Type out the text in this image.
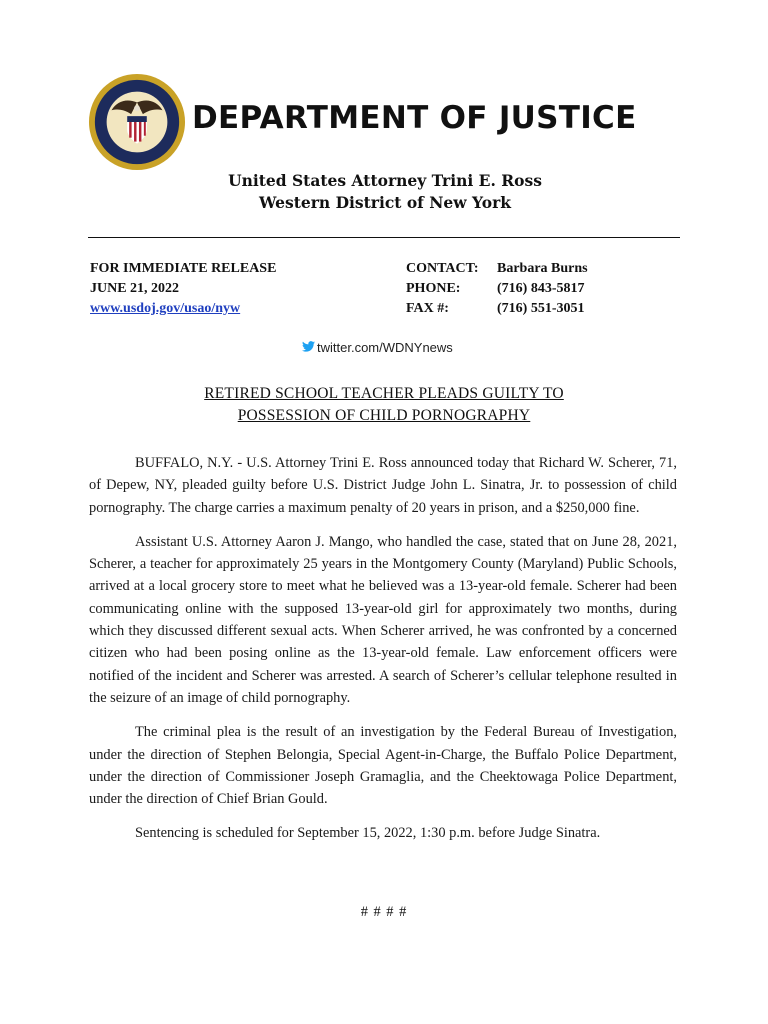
DEPARTMENT OF JUSTICE
United States Attorney Trini E. Ross
Western District of New York
FOR IMMEDIATE RELEASE
JUNE 21, 2022
www.usdoj.gov/usao/nyw
CONTACT:	Barbara Burns
PHONE:	(716) 843-5817
FAX #:	(716) 551-3051
twitter.com/WDNYnews
RETIRED SCHOOL TEACHER PLEADS GUILTY TO
POSSESSION OF CHILD PORNOGRAPHY

BUFFALO, N.Y. - U.S. Attorney Trini E. Ross announced today that Richard W. Scherer, 71, of Depew, NY, pleaded guilty before U.S. District Judge John L. Sinatra, Jr. to possession of child pornography. The charge carries a maximum penalty of 20 years in prison, and a $250,000 fine.

Assistant U.S. Attorney Aaron J. Mango, who handled the case, stated that on June 28, 2021, Scherer, a teacher for approximately 25 years in the Montgomery County (Maryland) Public Schools, arrived at a local grocery store to meet what he believed was a 13-year-old female. Scherer had been communicating online with the supposed 13-year-old girl for approximately two months, during which they discussed different sexual acts. When Scherer arrived, he was confronted by a concerned citizen who had been posing online as the 13-year-old female. Law enforcement officers were notified of the incident and Scherer was arrested. A search of Scherer’s cellular telephone resulted in the seizure of an image of child pornography.

The criminal plea is the result of an investigation by the Federal Bureau of Investigation, under the direction of Stephen Belongia, Special Agent-in-Charge, the Buffalo Police Department, under the direction of Commissioner Joseph Gramaglia, and the Cheektowaga Police Department, under the direction of Chief Brian Gould.

Sentencing is scheduled for September 15, 2022, 1:30 p.m. before Judge Sinatra.

# # # #
